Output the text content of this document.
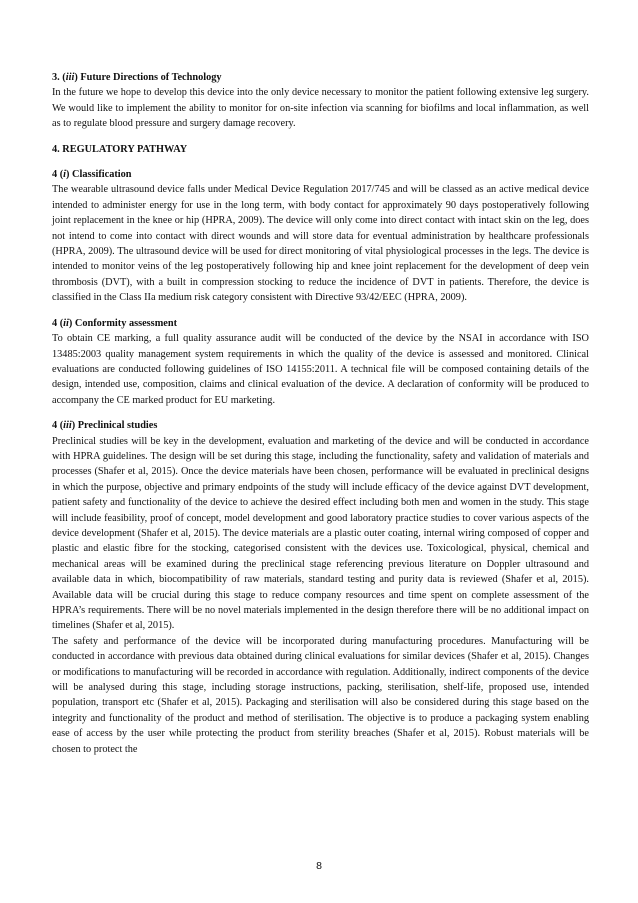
3. (iii) Future Directions of Technology

In the future we hope to develop this device into the only device necessary to monitor the patient following extensive leg surgery. We would like to implement the ability to monitor for on-site infection via scanning for biofilms and local inflammation, as well as to regulate blood pressure and surgery damage recovery.

4. REGULATORY PATHWAY
4 (i) Classification

The wearable ultrasound device falls under Medical Device Regulation 2017/745 and will be classed as an active medical device intended to administer energy for use in the long term, with body contact for approximately 90 days postoperatively following joint replacement in the knee or hip (HPRA, 2009). The device will only come into direct contact with intact skin on the leg, does not intend to come into contact with direct wounds and will store data for eventual administration by healthcare professionals (HPRA, 2009). The ultrasound device will be used for direct monitoring of vital physiological processes in the legs. The device is intended to monitor veins of the leg postoperatively following hip and knee joint replacement for the development of deep vein thrombosis (DVT), with a built in compression stocking to reduce the incidence of DVT in patients. Therefore, the device is classified in the Class IIa medium risk category consistent with Directive 93/42/EEC (HPRA, 2009).

4 (ii) Conformity assessment

To obtain CE marking, a full quality assurance audit will be conducted of the device by the NSAI in accordance with ISO 13485:2003 quality management system requirements in which the quality of the device is assessed and monitored. Clinical evaluations are conducted following guidelines of ISO 14155:2011. A technical file will be composed containing details of the design, intended use, composition, claims and clinical evaluation of the device. A declaration of conformity will be produced to accompany the CE marked product for EU marketing.

4 (iii) Preclinical studies

Preclinical studies will be key in the development, evaluation and marketing of the device and will be conducted in accordance with HPRA guidelines. The design will be set during this stage, including the functionality, safety and validation of materials and processes (Shafer et al, 2015). Once the device materials have been chosen, performance will be evaluated in preclinical designs in which the purpose, objective and primary endpoints of the study will include efficacy of the device against DVT development, patient safety and functionality of the device to achieve the desired effect including both men and women in the study. This stage will include feasibility, proof of concept, model development and good laboratory practice studies to cover various aspects of the device development (Shafer et al, 2015). The device materials are a plastic outer coating, internal wiring composed of copper and plastic and elastic fibre for the stocking, categorised consistent with the devices use. Toxicological, physical, chemical and mechanical areas will be examined during the preclinical stage referencing previous literature on Doppler ultrasound and available data in which, biocompatibility of raw materials, standard testing and purity data is reviewed (Shafer et al, 2015). Available data will be crucial during this stage to reduce company resources and time spent on complete assessment of the HPRA’s requirements. There will be no novel materials implemented in the design therefore there will be no additional impact on timelines (Shafer et al, 2015).

The safety and performance of the device will be incorporated during manufacturing procedures. Manufacturing will be conducted in accordance with previous data obtained during clinical evaluations for similar devices (Shafer et al, 2015). Changes or modifications to manufacturing will be recorded in accordance with regulation. Additionally, indirect components of the device will be analysed during this stage, including storage instructions, packing, sterilisation, shelf-life, proposed use, intended population, transport etc (Shafer et al, 2015). Packaging and sterilisation will also be considered during this stage based on the integrity and functionality of the product and method of sterilisation. The objective is to produce a packaging system enabling ease of access by the user while protecting the product from sterility breaches (Shafer et al, 2015). Robust materials will be chosen to protect the

8
